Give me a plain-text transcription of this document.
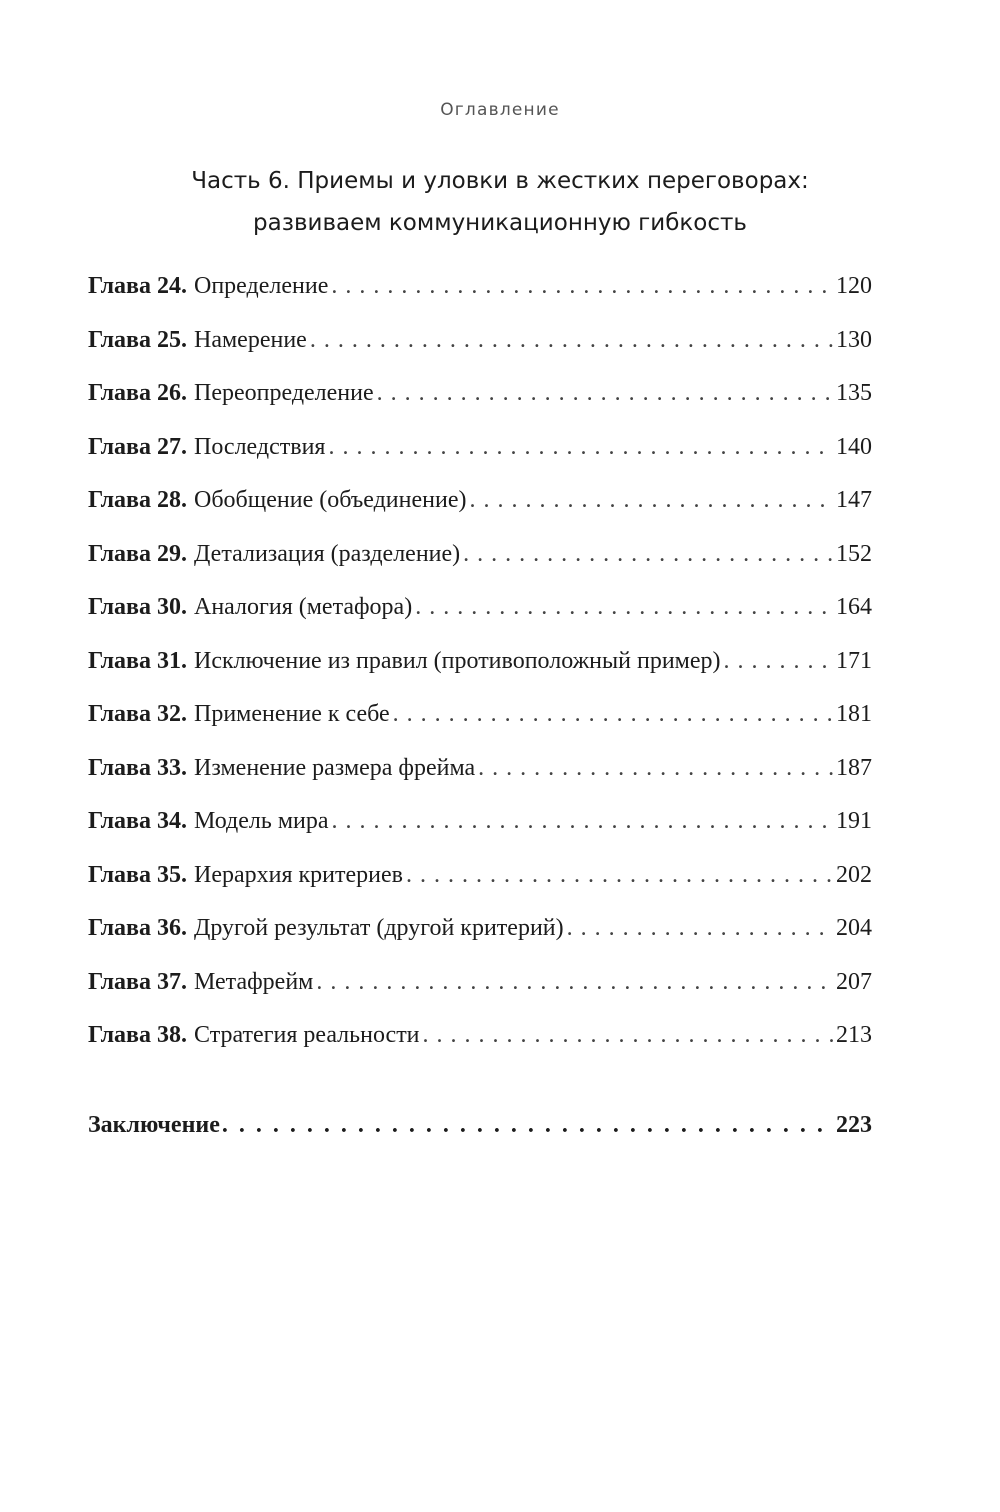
Оглавление
Часть 6. Приемы и уловки в жестких переговорах:
развиваем коммуникационную гибкость
Глава 24. Определение . . .	120
Глава 25. Намерение . . .	130
Глава 26. Переопределение . . .	135
Глава 27. Последствия . . .	140
Глава 28. Обобщение (объединение) . . .	147
Глава 29. Детализация (разделение) . . .	152
Глава 30. Аналогия (метафора) . . .	164
Глава 31. Исключение из правил (противоположный пример) . . .	171
Глава 32. Применение к себе . . .	181
Глава 33. Изменение размера фрейма . . .	187
Глава 34. Модель мира . . .	191
Глава 35. Иерархия критериев . . .	202
Глава 36. Другой результат (другой критерий) . . .	204
Глава 37. Метафрейм . . .	207
Глава 38. Стратегия реальности . . .	213
Заключение . . .	223
